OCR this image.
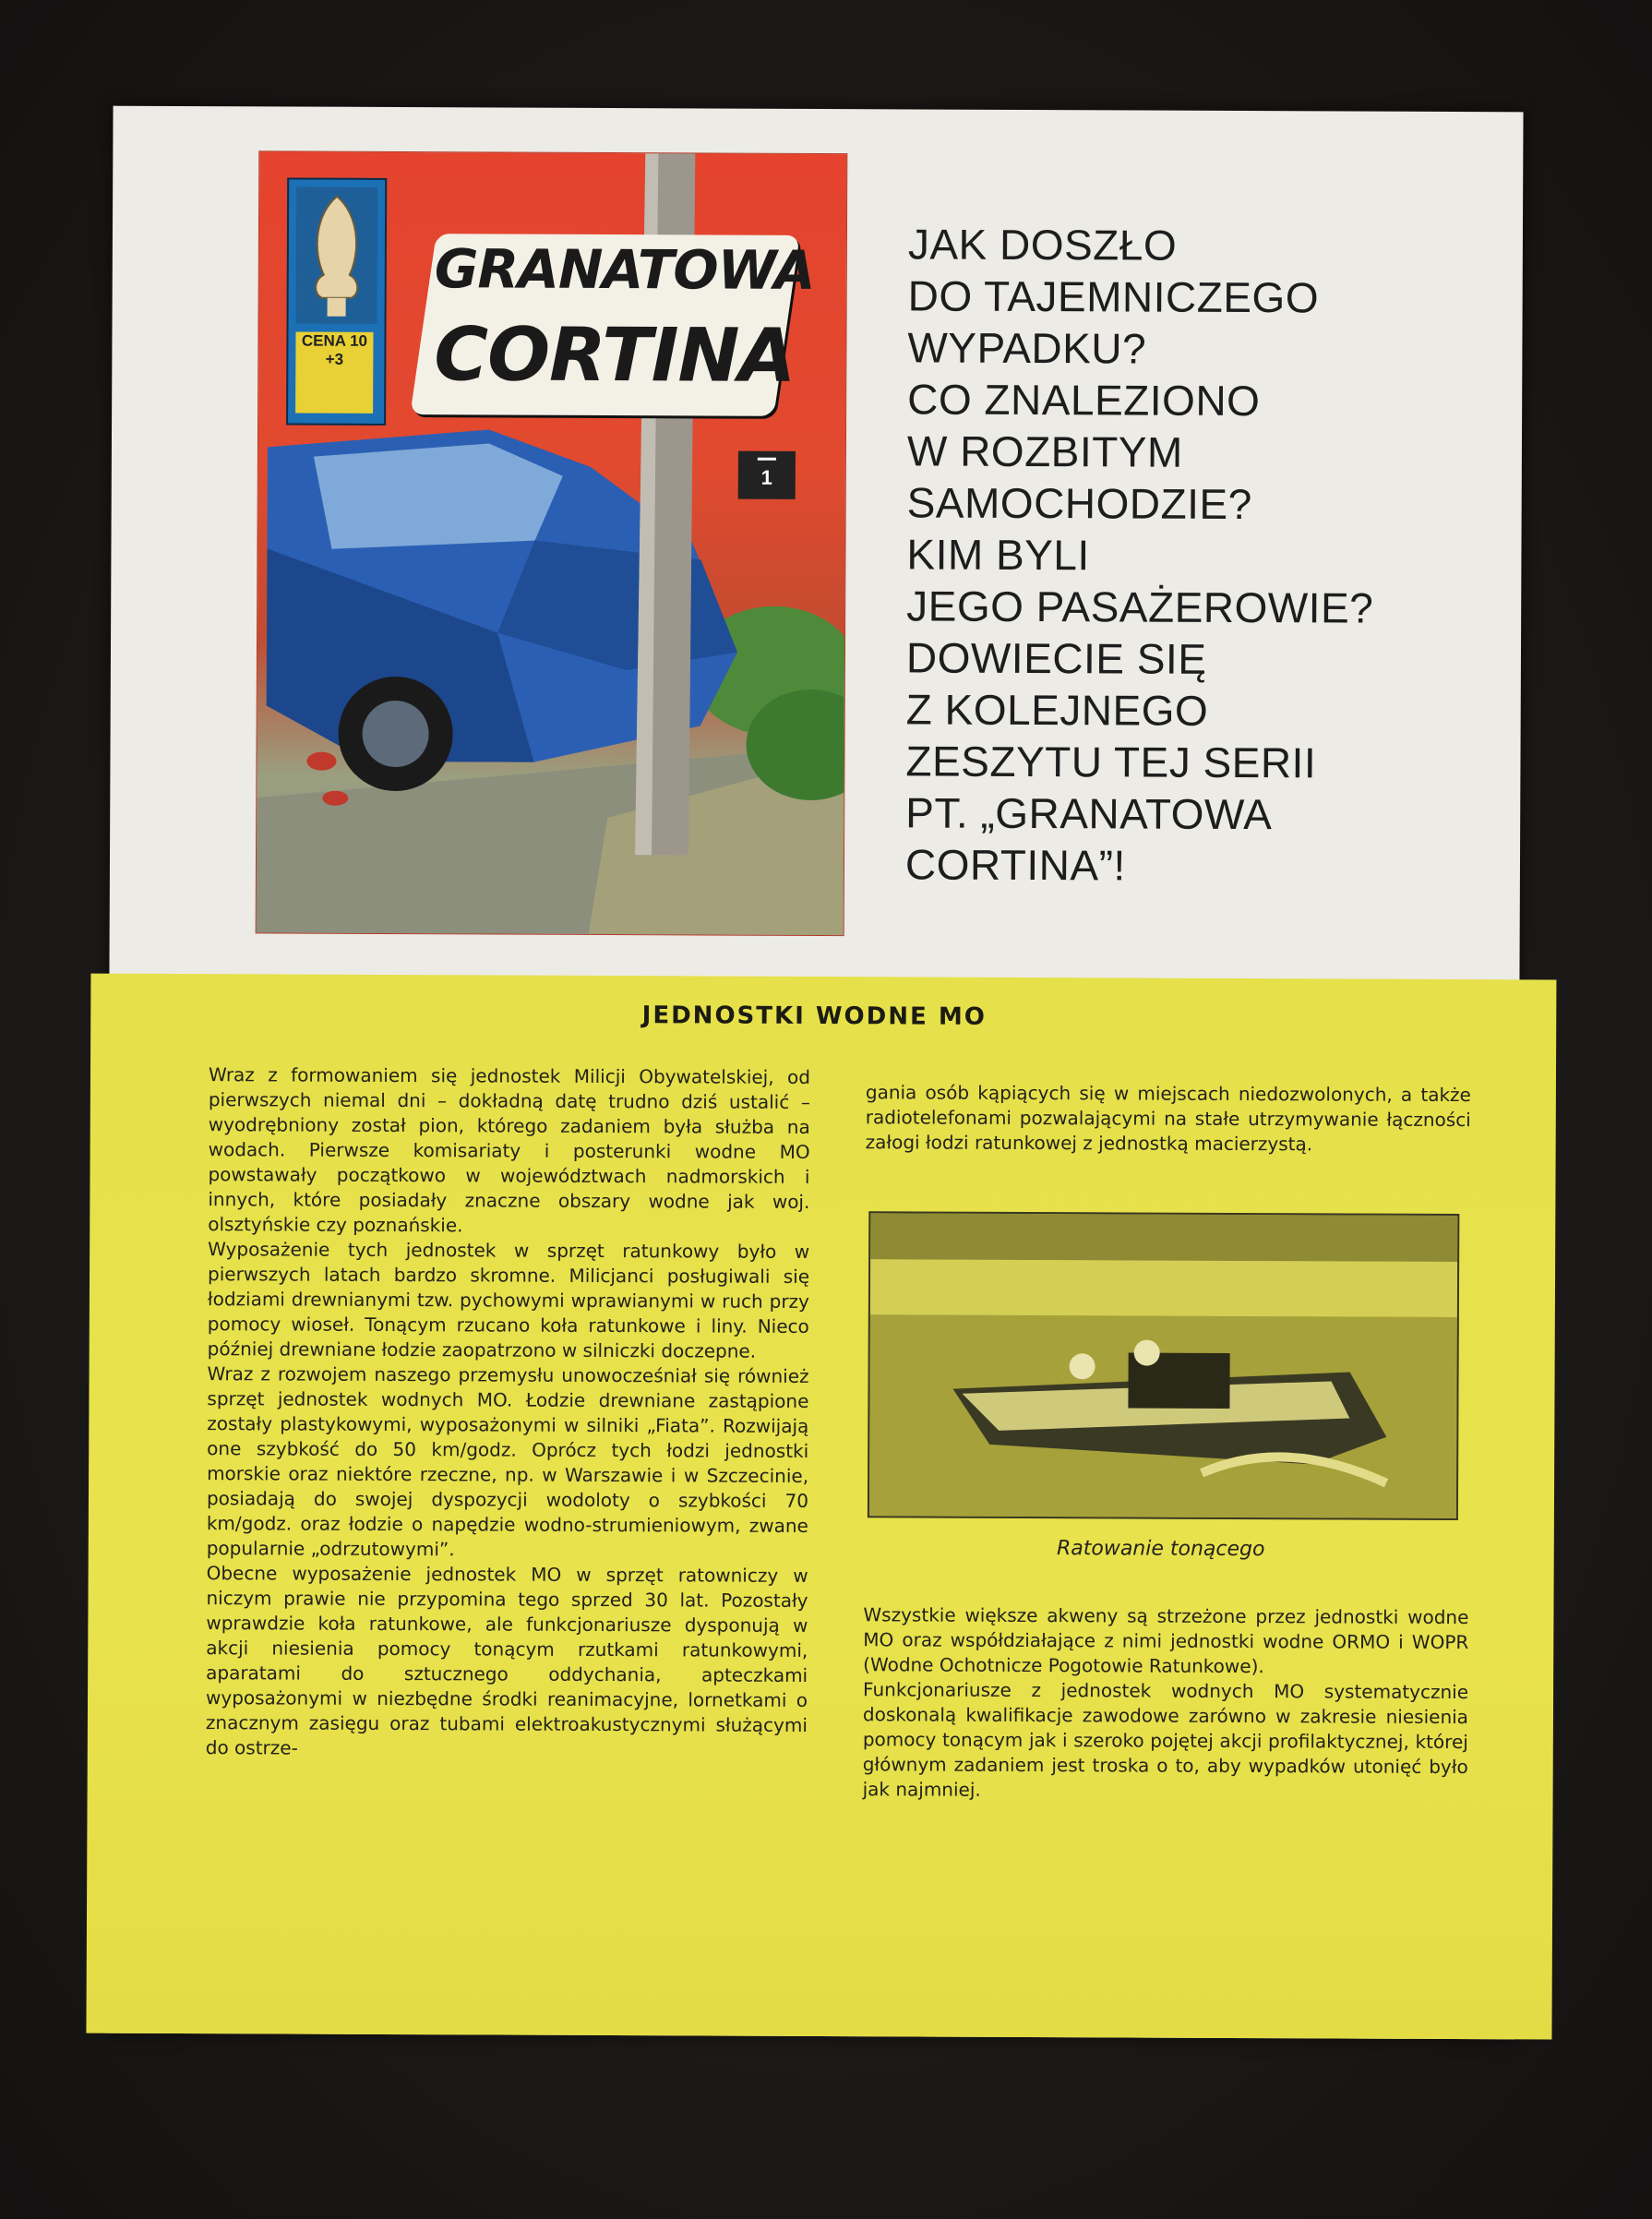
CENA 10
+3
GRANATOWA
CORTINA
▬▬
1
JAK DOSZŁO
DO TAJEMNICZEGO
WYPADKU?
CO ZNALEZIONO
W ROZBITYM
SAMOCHODZIE?
KIM BYLI
JEGO PASAŻEROWIE?
DOWIECIE SIĘ
Z KOLEJNEGO
ZESZYTU TEJ SERII
PT. „GRANATOWA
CORTINA”!
JEDNOSTKI WODNE MO

Wraz z formowaniem się jednostek Milicji Obywatelskiej, od pierwszych niemal dni – dokładną datę trudno dziś ustalić – wyodrębniony został pion, którego zadaniem była służba na wodach. Pierwsze komisariaty i posterunki wodne MO powstawały początkowo w województwach nadmorskich i innych, które posiadały znaczne obszary wodne jak woj. olsztyńskie czy poznańskie.

Wyposażenie tych jednostek w sprzęt ratunkowy było w pierwszych latach bardzo skromne. Milicjanci posługiwali się łodziami drewnianymi tzw. pychowymi wprawianymi w ruch przy pomocy wioseł. Tonącym rzucano koła ratunkowe i liny. Nieco później drewniane łodzie zaopatrzono w silniczki doczepne.

Wraz z rozwojem naszego przemysłu unowocześniał się również sprzęt jednostek wodnych MO. Łodzie drewniane zastąpione zostały plastykowymi, wyposażonymi w silniki „Fiata”. Rozwijają one szybkość do 50 km/godz. Oprócz tych łodzi jednostki morskie oraz niektóre rzeczne, np. w Warszawie i w Szczecinie, posiadają do swojej dyspozycji wodoloty o szybkości 70 km/godz. oraz łodzie o napędzie wodno-strumieniowym, zwane popularnie „odrzutowymi”.

Obecne wyposażenie jednostek MO w sprzęt ratowniczy w niczym prawie nie przypomina tego sprzed 30 lat. Pozostały wprawdzie koła ratunkowe, ale funkcjonariusze dysponują w akcji niesienia pomocy tonącym rzutkami ratunkowymi, aparatami do sztucznego oddychania, apteczkami wyposażonymi w niezbędne środki reanimacyjne, lornetkami o znacznym zasięgu oraz tubami elektroakustycznymi służącymi do ostrze-

gania osób kąpiących się w miejscach niedozwolonych, a także radiotelefonami pozwalającymi na stałe utrzymywanie łączności załogi łodzi ratunkowej z jednostką macierzystą.

Ratowanie tonącego

Wszystkie większe akweny są strzeżone przez jednostki wodne MO oraz współdziałające z nimi jednostki wodne ORMO i WOPR (Wodne Ochotnicze Pogotowie Ratunkowe).

Funkcjonariusze z jednostek wodnych MO systematycznie doskonalą kwalifikacje zawodowe zarówno w zakresie niesienia pomocy tonącym jak i szeroko pojętej akcji profilaktycznej, której głównym zadaniem jest troska o to, aby wypadków utonięć było jak najmniej.
